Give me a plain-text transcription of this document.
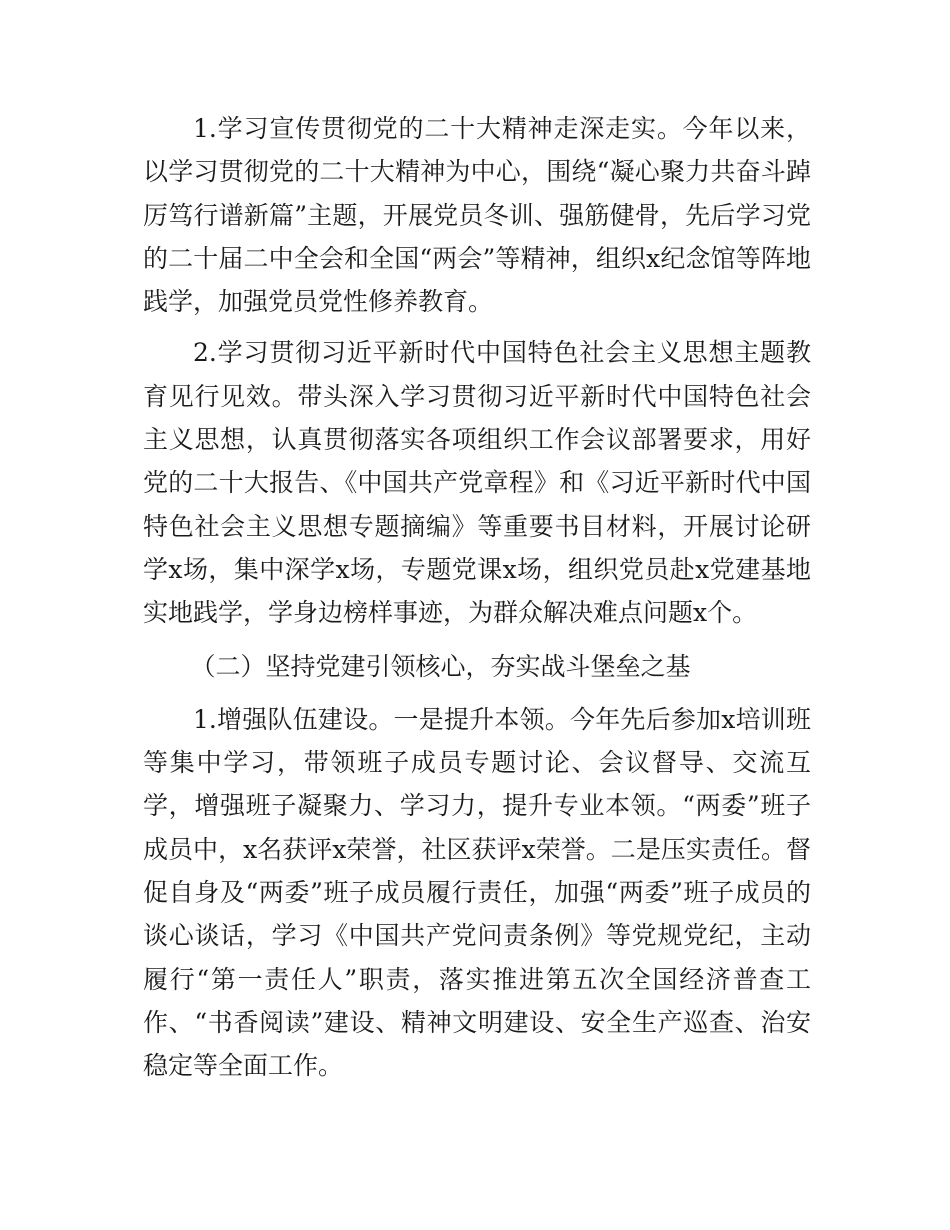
1.学习宣传贯彻党的二十大精神走深走实。今年以来，以学习贯彻党的二十大精神为中心，围绕“凝心聚力共奋斗踔厉笃行谱新篇”主题，开展党员冬训、强筋健骨，先后学习党的二十届二中全会和全国“两会”等精神，组织x纪念馆等阵地践学，加强党员党性修养教育。

2.学习贯彻习近平新时代中国特色社会主义思想主题教育见行见效。带头深入学习贯彻习近平新时代中国特色社会主义思想，认真贯彻落实各项组织工作会议部署要求，用好党的二十大报告、《中国共产党章程》和《习近平新时代中国特色社会主义思想专题摘编》等重要书目材料，开展讨论研学x场，集中深学x场，专题党课x场，组织党员赴x党建基地实地践学，学身边榜样事迹，为群众解决难点问题x个。

（二）坚持党建引领核心，夯实战斗堡垒之基

1.增强队伍建设。一是提升本领。今年先后参加x培训班等集中学习，带领班子成员专题讨论、会议督导、交流互学，增强班子凝聚力、学习力，提升专业本领。“两委”班子成员中，x名获评x荣誉，社区获评x荣誉。二是压实责任。督促自身及“两委”班子成员履行责任，加强“两委”班子成员的谈心谈话，学习《中国共产党问责条例》等党规党纪，主动履行“第一责任人”职责，落实推进第五次全国经济普查工作、“书香阅读”建设、精神文明建设、安全生产巡查、治安稳定等全面工作。
